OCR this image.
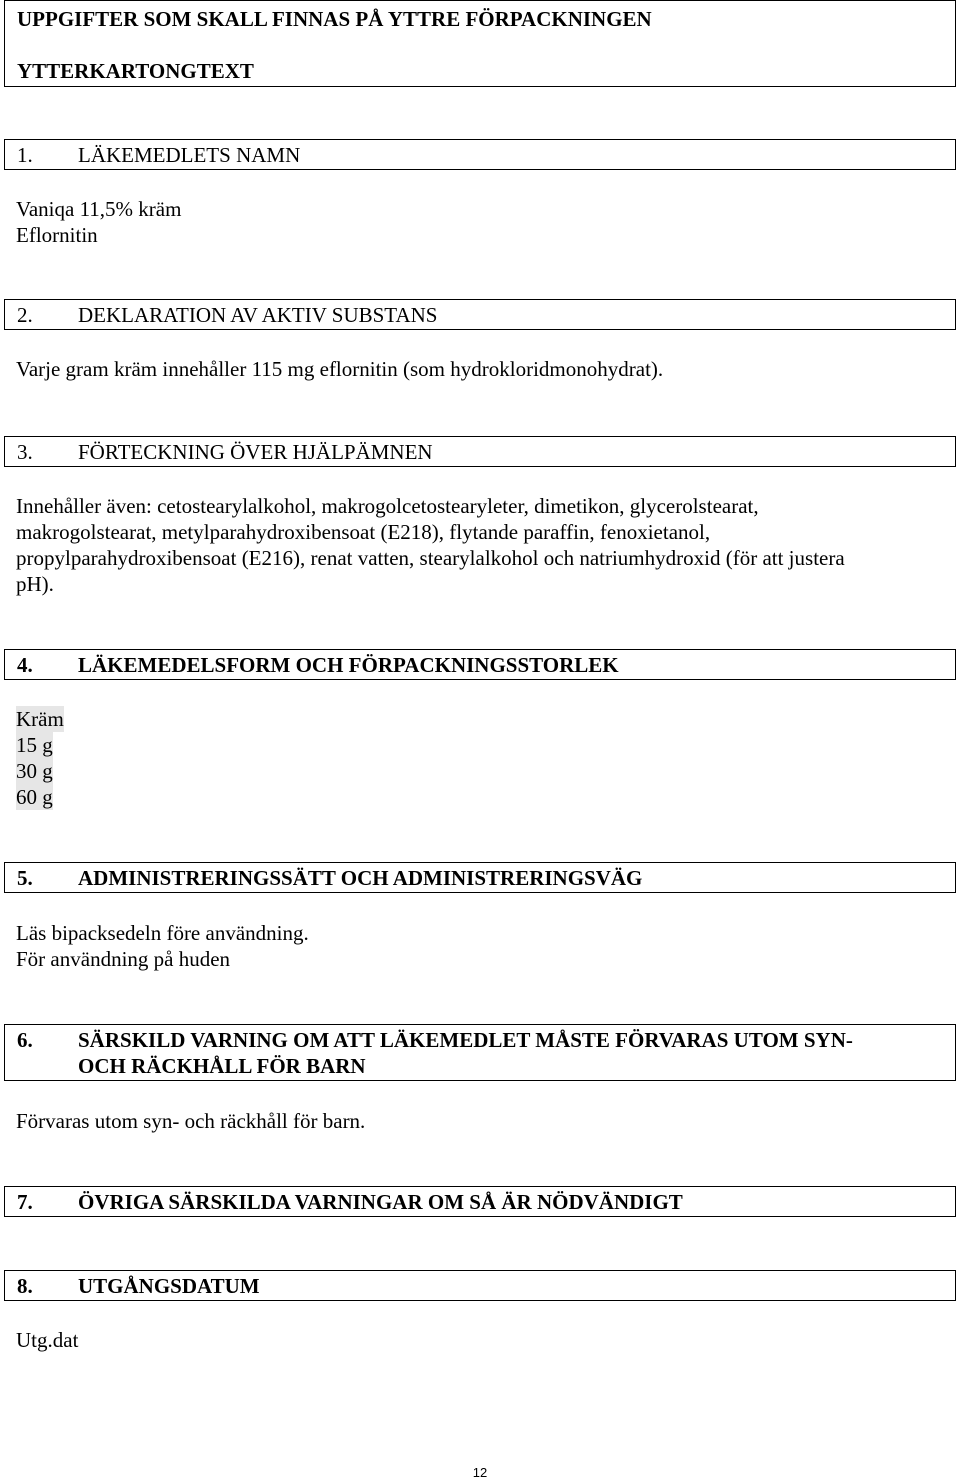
UPPGIFTER SOM SKALL FINNAS PÅ YTTRE FÖRPACKNINGEN
YTTERKARTONGTEXT
1. LÄKEMEDLETS NAMN
Vaniqa 11,5% kräm
Eflornitin
2. DEKLARATION AV AKTIV SUBSTANS
Varje gram kräm innehåller 115 mg eflornitin (som hydrokloridmonohydrat).
3. FÖRTECKNING ÖVER HJÄLPÄMNEN
Innehåller även: cetostearylalkohol, makrogolcetostearyleter, dimetikon, glycerolstearat,
makrogolstearat, metylparahydroxibensoat (E218), flytande paraffin, fenoxietanol,
propylparahydroxibensoat (E216), renat vatten, stearylalkohol och natriumhydroxid (för att justera
pH).
4. LÄKEMEDELSFORM OCH FÖRPACKNINGSSTORLEK
Kräm
15 g
30 g
60 g
5. ADMINISTRERINGSSÄTT OCH ADMINISTRERINGSVÄG
Läs bipacksedeln före användning.
För användning på huden
6. SÄRSKILD VARNING OM ATT LÄKEMEDLET MÅSTE FÖRVARAS UTOM SYN-
OCH RÄCKHÅLL FÖR BARN
Förvaras utom syn- och räckhåll för barn.
7. ÖVRIGA SÄRSKILDA VARNINGAR OM SÅ ÄR NÖDVÄNDIGT
8. UTGÅNGSDATUM
Utg.dat
12
